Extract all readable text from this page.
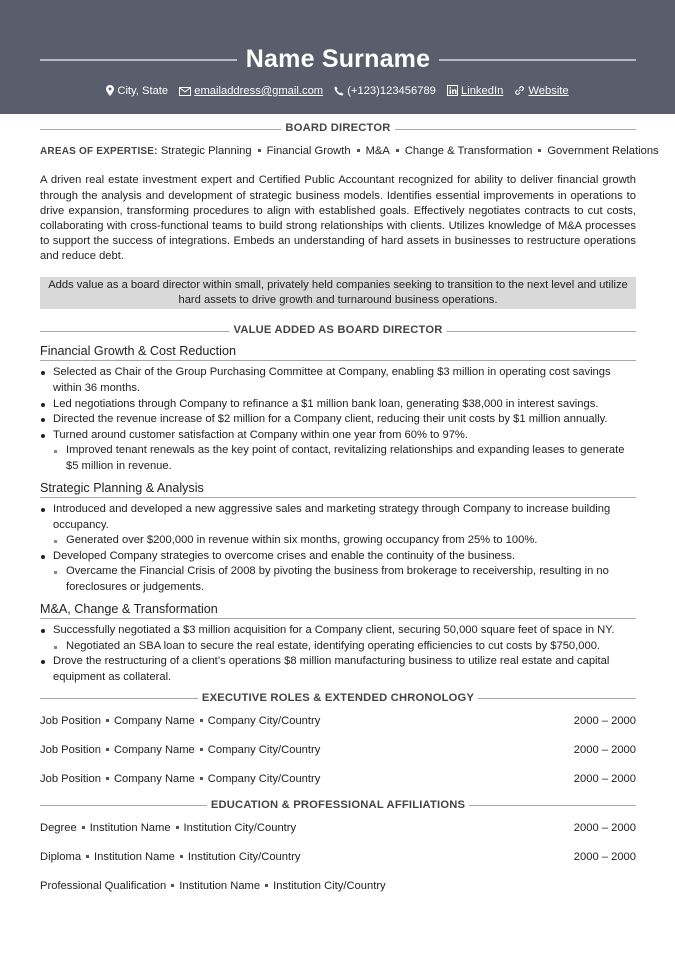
Name Surname
City, State emailaddress@gmail.com (+123)123456789 LinkedIn Website
BOARD DIRECTOR
AREAS OF EXPERTISE: Strategic Planning Financial Growth M&A Change & Transformation Government Relations

A driven real estate investment expert and Certified Public Accountant recognized for ability to deliver financial growth through the analysis and development of strategic business models. Identifies essential improvements in operations to drive expansion, transforming procedures to align with established goals. Effectively negotiates contracts to cut costs, collaborating with cross-functional teams to build strong relationships with clients. Utilizes knowledge of M&A processes to support the success of integrations. Embeds an understanding of hard assets in businesses to restructure operations and reduce debt.

Adds value as a board director within small, privately held companies seeking to transition to the next level and utilize hard assets to drive growth and turnaround business operations.
VALUE ADDED AS BOARD DIRECTOR
Financial Growth & Cost Reduction
Selected as Chair of the Group Purchasing Committee at Company, enabling $3 million in operating cost savings within 36 months.
Led negotiations through Company to refinance a $1 million bank loan, generating $38,000 in interest savings.
Directed the revenue increase of $2 million for a Company client, reducing their unit costs by $1 million annually.
Turned around customer satisfaction at Company within one year from 60% to 97%.
Improved tenant renewals as the key point of contact, revitalizing relationships and expanding leases to generate $5 million in revenue.
Strategic Planning & Analysis
Introduced and developed a new aggressive sales and marketing strategy through Company to increase building occupancy.
Generated over $200,000 in revenue within six months, growing occupancy from 25% to 100%.
Developed Company strategies to overcome crises and enable the continuity of the business.
Overcame the Financial Crisis of 2008 by pivoting the business from brokerage to receivership, resulting in no foreclosures or judgements.
M&A, Change & Transformation
Successfully negotiated a $3 million acquisition for a Company client, securing 50,000 square feet of space in NY.
Negotiated an SBA loan to secure the real estate, identifying operating efficiencies to cut costs by $750,000.
Drove the restructuring of a client’s operations $8 million manufacturing business to utilize real estate and capital equipment as collateral.
EXECUTIVE ROLES & EXTENDED CHRONOLOGY
Job Position Company Name Company City/Country	2000 – 2000
Job Position Company Name Company City/Country	2000 – 2000
Job Position Company Name Company City/Country	2000 – 2000
EDUCATION & PROFESSIONAL AFFILIATIONS
Degree Institution Name Institution City/Country	2000 – 2000
Diploma Institution Name Institution City/Country	2000 – 2000
Professional Qualification Institution Name Institution City/Country
